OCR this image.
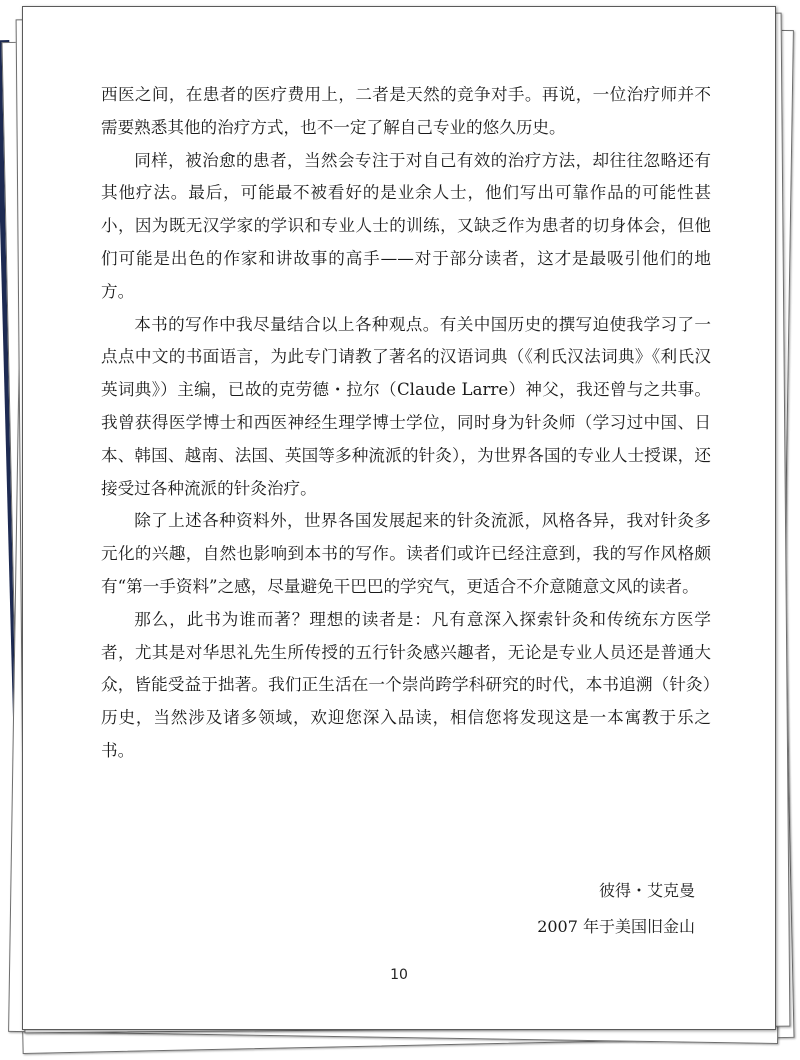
西医之间，在患者的医疗费用上，二者是天然的竞争对手。再说，一位治疗师并不需要熟悉其他的治疗方式，也不一定了解自己专业的悠久历史。

同样，被治愈的患者，当然会专注于对自己有效的治疗方法，却往往忽略还有其他疗法。最后，可能最不被看好的是业余人士，他们写出可靠作品的可能性甚小，因为既无汉学家的学识和专业人士的训练，又缺乏作为患者的切身体会，但他们可能是出色的作家和讲故事的高手——对于部分读者，这才是最吸引他们的地方。

本书的写作中我尽量结合以上各种观点。有关中国历史的撰写迫使我学习了一点点中文的书面语言，为此专门请教了著名的汉语词典（《利氏汉法词典》《利氏汉英词典》）主编，已故的克劳德・拉尔（Claude Larre）神父，我还曾与之共事。我曾获得医学博士和西医神经生理学博士学位，同时身为针灸师（学习过中国、日本、韩国、越南、法国、英国等多种流派的针灸），为世界各国的专业人士授课，还接受过各种流派的针灸治疗。

除了上述各种资料外，世界各国发展起来的针灸流派，风格各异，我对针灸多元化的兴趣，自然也影响到本书的写作。读者们或许已经注意到，我的写作风格颇有“第一手资料”之感，尽量避免干巴巴的学究气，更适合不介意随意文风的读者。

那么，此书为谁而著？理想的读者是：凡有意深入探索针灸和传统东方医学者，尤其是对华思礼先生所传授的五行针灸感兴趣者，无论是专业人员还是普通大众，皆能受益于拙著。我们正生活在一个崇尚跨学科研究的时代，本书追溯（针灸）历史，当然涉及诸多领域，欢迎您深入品读，相信您将发现这是一本寓教于乐之书。

彼得・艾克曼
2007 年于美国旧金山
10
